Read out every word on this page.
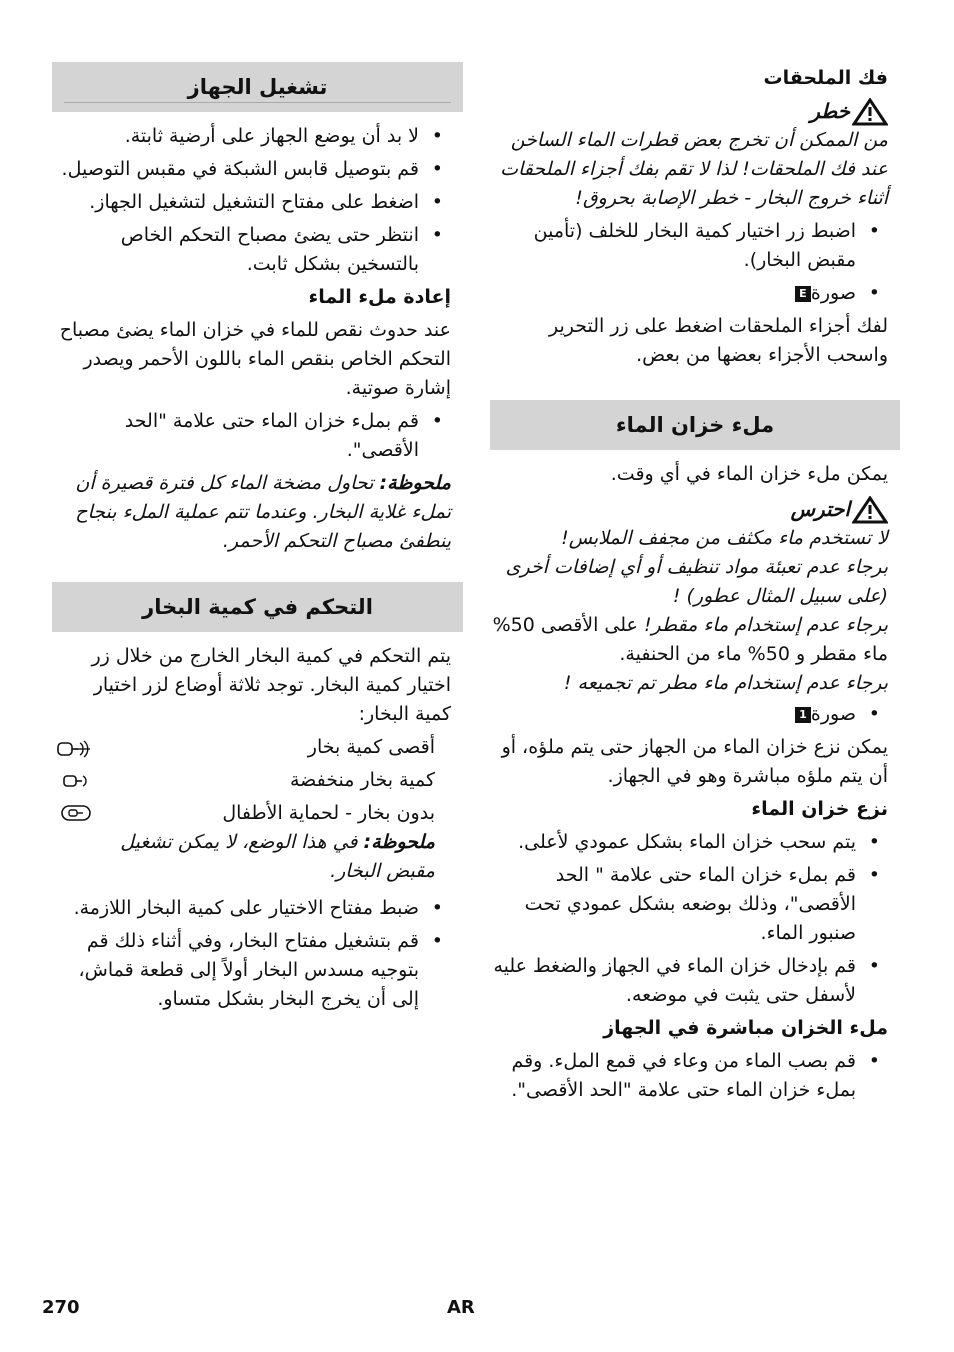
فك الملحقات
خطر

من الممكن أن تخرج بعض قطرات الماء الساخن عند فك الملحقات! لذا لا تقم بفك أجزاء الملحقات أثناء خروج البخار - خطر الإصابة بحروق!

• اضبط زر اختيار كمية البخار للخلف (تأمين مقبض البخار).
• صورةE

لفك أجزاء الملحقات اضغط على زر التحرير واسحب الأجزاء بعضها من بعض.

ملء خزان الماء

يمكن ملء خزان الماء في أي وقت.

احترس
لا تستخدم ماء مكثف من مجفف الملابس!
برجاء عدم تعبئة مواد تنظيف أو أي إضافات أخرى (على سبيل المثال عطور) !
برجاء عدم إستخدام ماء مقطر! على الأقصى 50% ماء مقطر و 50% ماء من الحنفية.
برجاء عدم إستخدام ماء مطر تم تجميعه !
• صورة1

يمكن نزع خزان الماء من الجهاز حتى يتم ملؤه، أو أن يتم ملؤه مباشرة وهو في الجهاز.

نزع خزان الماء
• يتم سحب خزان الماء بشكل عمودي لأعلى.
• قم بملء خزان الماء حتى علامة " الحد الأقصى"، وذلك بوضعه بشكل عمودي تحت صنبور الماء.
• قم بإدخال خزان الماء في الجهاز والضغط عليه لأسفل حتى يثبت في موضعه.
ملء الخزان مباشرة في الجهاز
• قم بصب الماء من وعاء في قمع الملء. وقم بملء خزان الماء حتى علامة "الحد الأقصى".
تشغيل الجهاز
• لا بد أن يوضع الجهاز على أرضية ثابتة.
• قم بتوصيل قابس الشبكة في مقبس التوصيل.
• اضغط على مفتاح التشغيل لتشغيل الجهاز.
• انتظر حتى يضئ مصباح التحكم الخاص بالتسخين بشكل ثابت.
إعادة ملء الماء

عند حدوث نقص للماء في خزان الماء يضئ مصباح التحكم الخاص بنقص الماء باللون الأحمر ويصدر إشارة صوتية.

• قم بملء خزان الماء حتى علامة "الحد الأقصى".

ملحوظة: تحاول مضخة الماء كل فترة قصيرة أن تملء غلاية البخار. وعندما تتم عملية الملء بنجاح ينطفئ مصباح التحكم الأحمر.

التحكم في كمية البخار

يتم التحكم في كمية البخار الخارج من خلال زر اختيار كمية البخار. توجد ثلاثة أوضاع لزر اختيار كمية البخار:

أقصى كمية بخار
كمية بخار منخفضة
بدون بخار - لحماية الأطفال
ملحوظة: في هذا الوضع، لا يمكن تشغيل مقبض البخار.
• ضبط مفتاح الاختيار على كمية البخار اللازمة.
• قم بتشغيل مفتاح البخار، وفي أثناء ذلك قم بتوجيه مسدس البخار أولاً إلى قطعة قماش، إلى أن يخرج البخار بشكل متساو.
270	AR
